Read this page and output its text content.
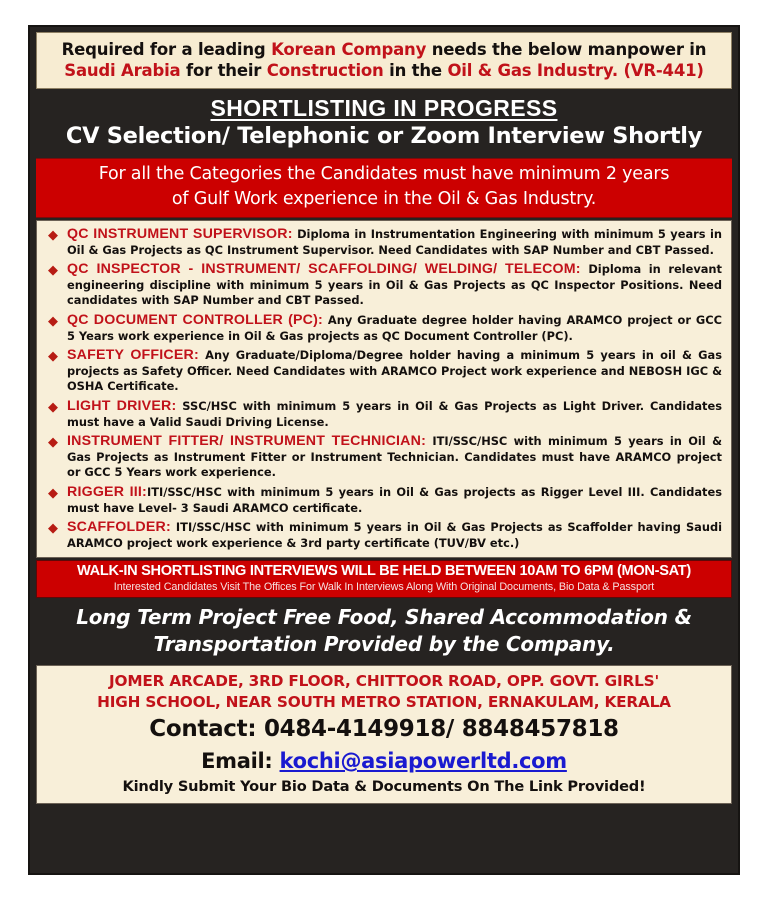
Required for a leading Korean Company needs the below manpower in
Saudi Arabia for their Construction in the Oil & Gas Industry. (VR-441)
SHORTLISTING IN PROGRESS
CV Selection/ Telephonic or Zoom Interview Shortly
For all the Categories the Candidates must have minimum 2 years
of Gulf Work experience in the Oil & Gas Industry.
◆ QC INSTRUMENT SUPERVISOR: Diploma in Instrumentation Engineering with minimum 5 years in Oil & Gas Projects as QC Instrument Supervisor. Need Candidates with SAP Number and CBT Passed.
◆ QC INSPECTOR - INSTRUMENT/ SCAFFOLDING/ WELDING/ TELECOM: Diploma in relevant engineering discipline with minimum 5 years in Oil & Gas Projects as QC Inspector Positions. Need candidates with SAP Number and CBT Passed.
◆ QC DOCUMENT CONTROLLER (PC): Any Graduate degree holder having ARAMCO project or GCC 5 Years work experience in Oil & Gas projects as QC Document Controller (PC).
◆ SAFETY OFFICER: Any Graduate/Diploma/Degree holder having a minimum 5 years in oil & Gas projects as Safety Officer. Need Candidates with ARAMCO Project work experience and NEBOSH IGC & OSHA Certificate.
◆ LIGHT DRIVER: SSC/HSC with minimum 5 years in Oil & Gas Projects as Light Driver. Candidates must have a Valid Saudi Driving License.
◆ INSTRUMENT FITTER/ INSTRUMENT TECHNICIAN: ITI/SSC/HSC with minimum 5 years in Oil & Gas Projects as Instrument Fitter or Instrument Technician. Candidates must have ARAMCO project or GCC 5 Years work experience.
◆ RIGGER III:ITI/SSC/HSC with minimum 5 years in Oil & Gas projects as Rigger Level III. Candidates must have Level- 3 Saudi ARAMCO certificate.
◆ SCAFFOLDER: ITI/SSC/HSC with minimum 5 years in Oil & Gas Projects as Scaffolder having Saudi ARAMCO project work experience & 3rd party certificate (TUV/BV etc.)
WALK-IN SHORTLISTING INTERVIEWS WILL BE HELD BETWEEN 10AM TO 6PM (MON-SAT)
Interested Candidates Visit The Offices For Walk In Interviews Along With Original Documents, Bio Data & Passport
Long Term Project Free Food, Shared Accommodation &
Transportation Provided by the Company.
JOMER ARCADE, 3RD FLOOR, CHITTOOR ROAD, OPP. GOVT. GIRLS'
HIGH SCHOOL, NEAR SOUTH METRO STATION, ERNAKULAM, KERALA
Contact: 0484-4149918/ 8848457818
Email: kochi@asiapowerltd.com
Kindly Submit Your Bio Data & Documents On The Link Provided!
